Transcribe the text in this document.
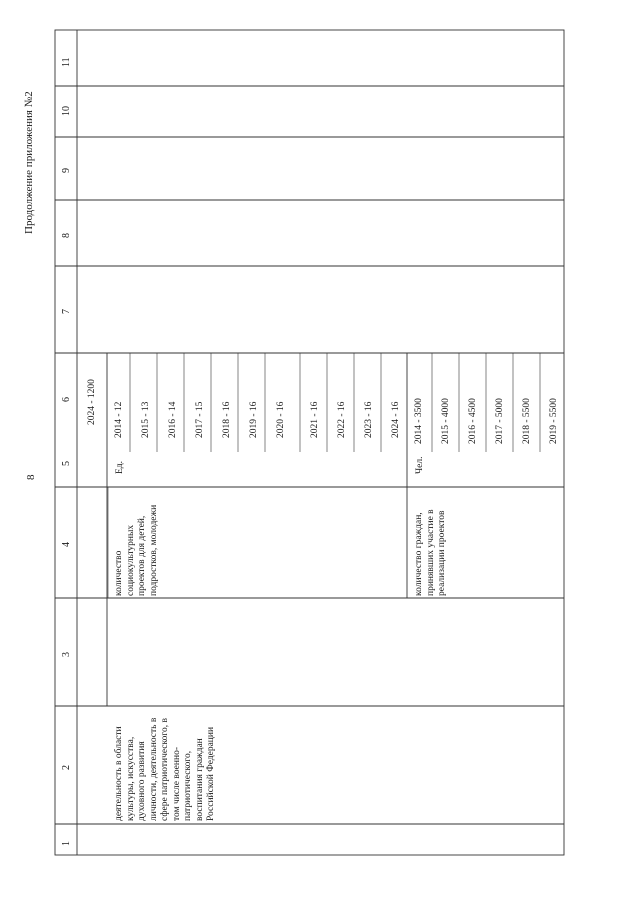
8
Продолжение приложения №2
1
2
3
4
5
6
7
8
9
10
11
деятельность в области культуры, искусства, духовного развития личности, деятельность в сфере патриотического, в том числе военно-патриотического, воспитания граждан Российской Федерации
2024 - 1200
количество социокультурных проектов для детей, подростков, молодежи
Ед.
2014 - 12 2015 - 13 2016 - 14 2017 - 15 2018 - 16 2019 - 16 2020 - 16	2021 - 16 2022 - 16 2023 - 16 2024 - 16
количество граждан, принявших участие в реализации проектов
Чел.
2014 - 3500 2015 - 4000 2016 - 4500 2017 - 5000 2018 - 5500 2019 - 5500
